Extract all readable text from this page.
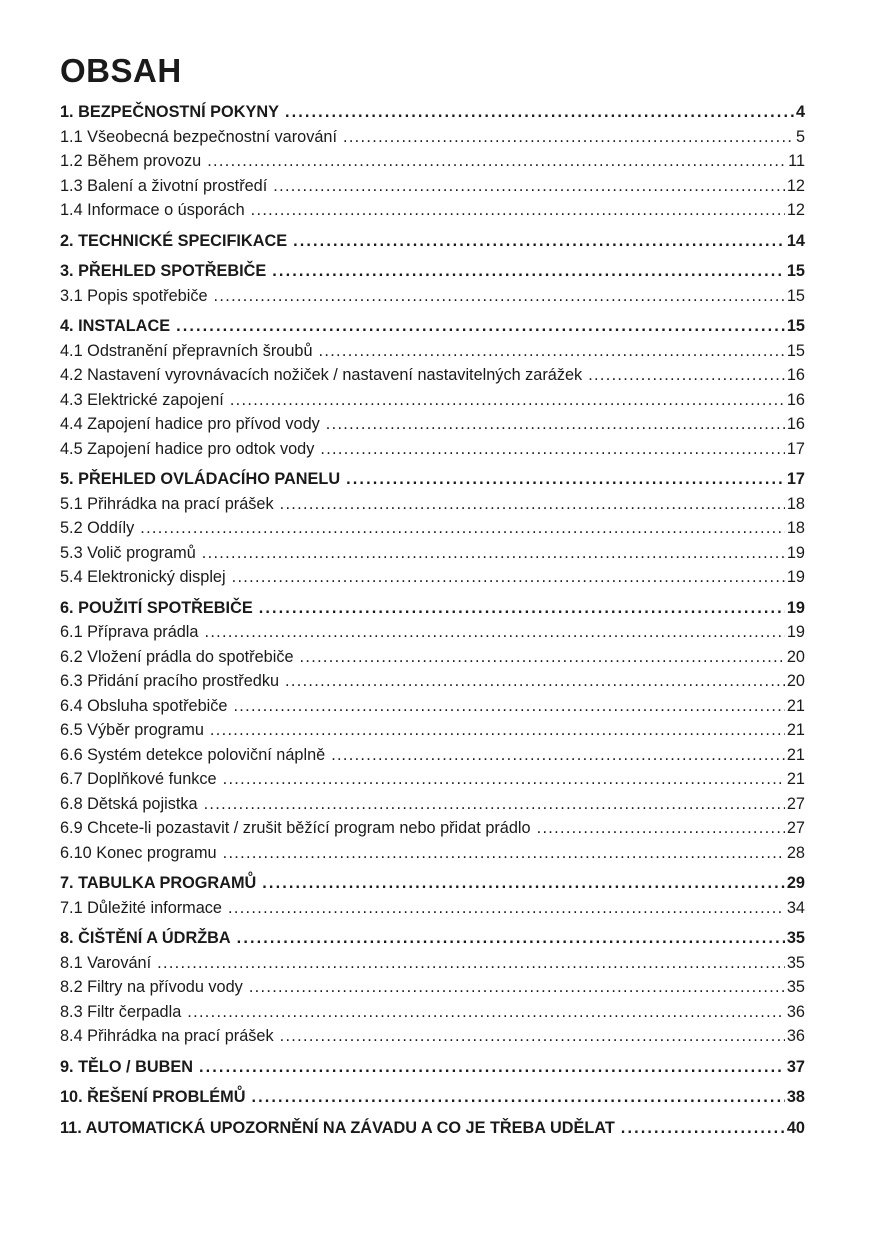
OBSAH
1. BEZPEČNOSTNÍ POKYNY . . .	4
1.1 Všeobecná bezpečnostní varování . . .	5
1.2 Během provozu . . .	11
1.3 Balení a životní prostředí . . .	12
1.4 Informace o úsporách . . .	12
2. TECHNICKÉ SPECIFIKACE . . .	14
3. PŘEHLED SPOTŘEBIČE . . .	15
3.1 Popis spotřebiče . . .	15
4. INSTALACE . . .	15
4.1 Odstranění přepravních šroubů . . .	15
4.2 Nastavení vyrovnávacích nožiček / nastavení nastavitelných zarážek . . .	16
4.3 Elektrické zapojení . . .	16
4.4 Zapojení hadice pro přívod vody . . .	16
4.5 Zapojení hadice pro odtok vody . . .	17
5. PŘEHLED OVLÁDACÍHO PANELU . . .	17
5.1 Přihrádka na prací prášek . . .	18
5.2 Oddíly . . .	18
5.3 Volič programů . . .	19
5.4 Elektronický displej . . .	19
6. POUŽITÍ SPOTŘEBIČE . . .	19
6.1 Příprava prádla . . .	19
6.2 Vložení prádla do spotřebiče . . .	20
6.3 Přidání pracího prostředku . . .	20
6.4 Obsluha spotřebiče . . .	21
6.5 Výběr programu . . .	21
6.6 Systém detekce poloviční náplně . . .	21
6.7 Doplňkové funkce . . .	21
6.8 Dětská pojistka . . .	27
6.9 Chcete-li pozastavit / zrušit běžící program nebo přidat prádlo . . .	27
6.10 Konec programu . . .	28
7. TABULKA PROGRAMŮ . . .	29
7.1 Důležité informace . . .	34
8. ČIŠTĚNÍ A ÚDRŽBA . . .	35
8.1 Varování . . .	35
8.2 Filtry na přívodu vody . . .	35
8.3 Filtr čerpadla . . .	36
8.4 Přihrádka na prací prášek . . .	36
9. TĚLO / BUBEN . . .	37
10. ŘEŠENÍ PROBLÉMŮ . . .	38
11. AUTOMATICKÁ UPOZORNĚNÍ NA ZÁVADU A CO JE TŘEBA UDĚLAT . . .	40
